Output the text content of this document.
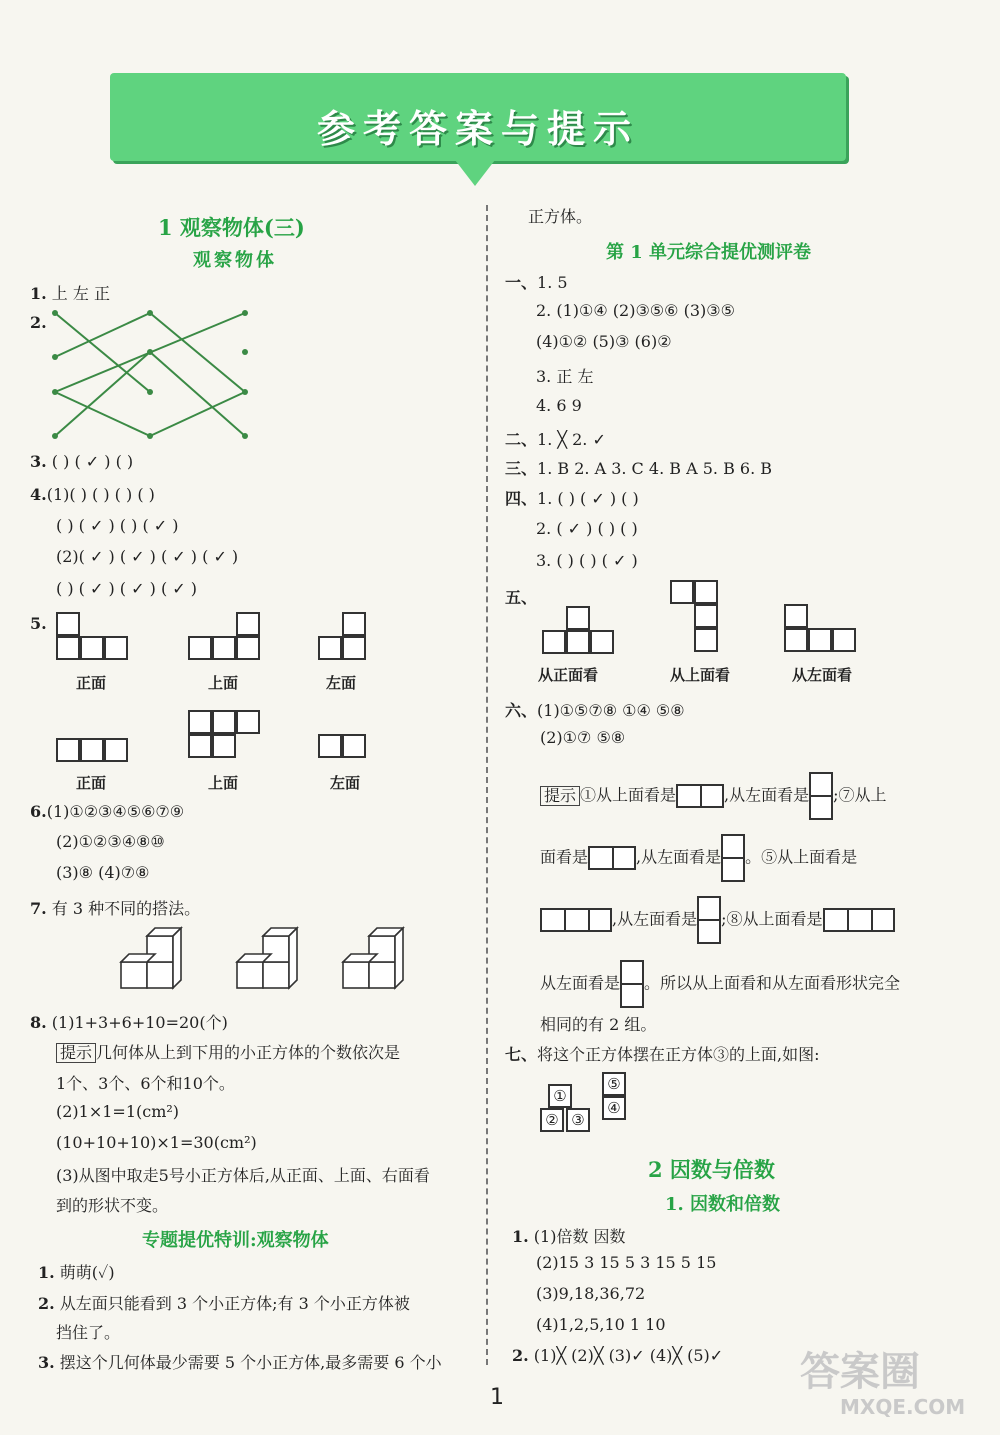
参考答案与提示
1 观察物体(三)
观察物体
1. 上 左 正
2.
3. ( ) ( ✓ ) ( )
4.(1)( ) ( ) ( ) ( )
( ) ( ✓ ) ( ) ( ✓ )
(2)( ✓ ) ( ✓ ) ( ✓ ) ( ✓ )
( ) ( ✓ ) ( ✓ ) ( ✓ )
5.
正面	上面	左面
正面	上面	左面
6.(1)①②③④⑤⑥⑦⑨
(2)①②③④⑧⑩
(3)⑧ (4)⑦⑧
7. 有 3 种不同的搭法。
8. (1)1+3+6+10=20(个)
提示 几何体从上到下用的小正方体的个数依次是
1个、3个、6个和10个。
(2)1×1=1(cm²)
(10+10+10)×1=30(cm²)
(3)从图中取走5号小正方体后,从正面、上面、右面看
到的形状不变。
专题提优特训:观察物体
1. 萌萌(✓)
2. 从左面只能看到 3 个小正方体;有 3 个小正方体被
挡住了。
3. 摆这个几何体最少需要 5 个小正方体,最多需要 6 个小
正方体。
第 1 单元综合提优测评卷
一、1. 5
2. (1)①④ (2)③⑤⑥ (3)③⑤
(4)①② (5)③ (6)②
3. 正 左
4. 6 9
二、1. ╳ 2. ✓
三、1. B 2. A 3. C 4. B A 5. B 6. B
四、1. ( ) ( ✓ ) ( )
2. ( ✓ ) ( ) ( )
3. ( ) ( ) ( ✓ )
五、
从正面看	从上面看	从左面看
六、(1)①⑤⑦⑧ ①④ ⑤⑧
(2)①⑦ ⑤⑧
提示 ①从上面看是	,从左面看是 ;⑦从上
面看是	,从左面看是 。⑤从上面看是
,从左面看是 ;⑧从上面看是
从左面看是 。所以从上面看和从左面看形状完全
相同的有 2 组。
七、将这个正方体摆在正方体③的上面,如图:
⑤
①
④
② ③
2 因数与倍数
1. 因数和倍数
1. (1)倍数 因数
(2)15 3 15 5 3 15 5 15
(3)9,18,36,72
(4)1,2,5,10 1 10
2. (1)╳ (2)╳ (3)✓ (4)╳ (5)✓
1
答案圈
MXQE.COM
